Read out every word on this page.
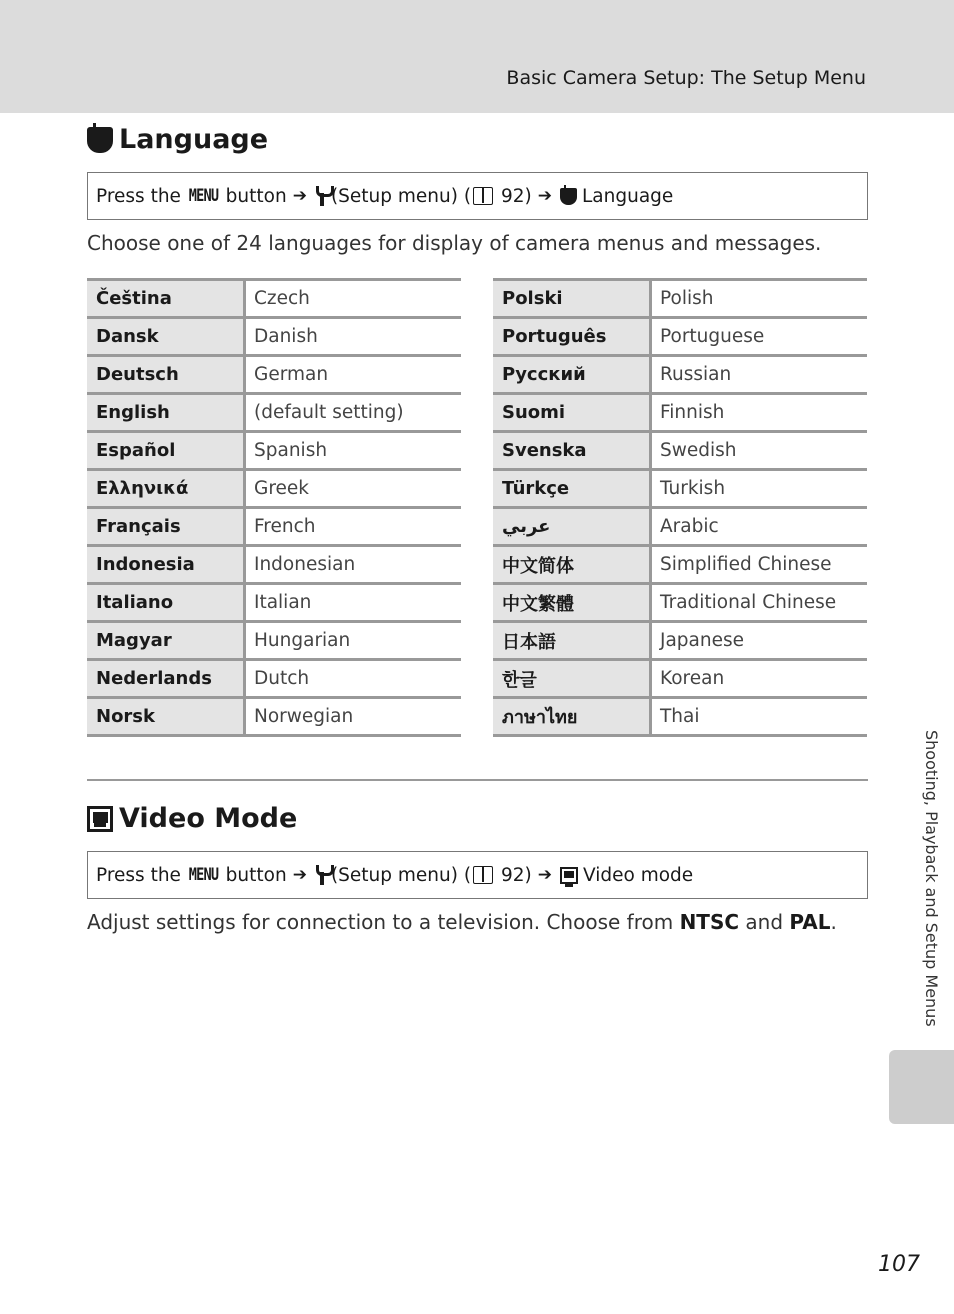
Basic Camera Setup: The Setup Menu
Language
Press the
MENU
button ➔ (Setup menu) (
92) ➔ Language
Choose one of 24 languages for display of camera menus and messages.
Čeština	Czech
Dansk	Danish
Deutsch	German
English	(default setting)
Español	Spanish
Ελληνικά	Greek
Français	French
Indonesia	Indonesian
Italiano	Italian
Magyar	Hungarian
Nederlands	Dutch
Norsk	Norwegian
Polski	Polish
Português	Portuguese
Русский	Russian
Suomi	Finnish
Svenska	Swedish
Türkçe	Turkish
عربي	Arabic
中文简体	Simplified Chinese
中文繁體	Traditional Chinese
日本語	Japanese
한글	Korean
ภาษาไทย	Thai
Video Mode
Press the
MENU
button ➔ (Setup menu) (
92) ➔ Video mode
Adjust settings for connection to a television. Choose from NTSC and PAL.	Shooting, Playback and Setup Menus
107
